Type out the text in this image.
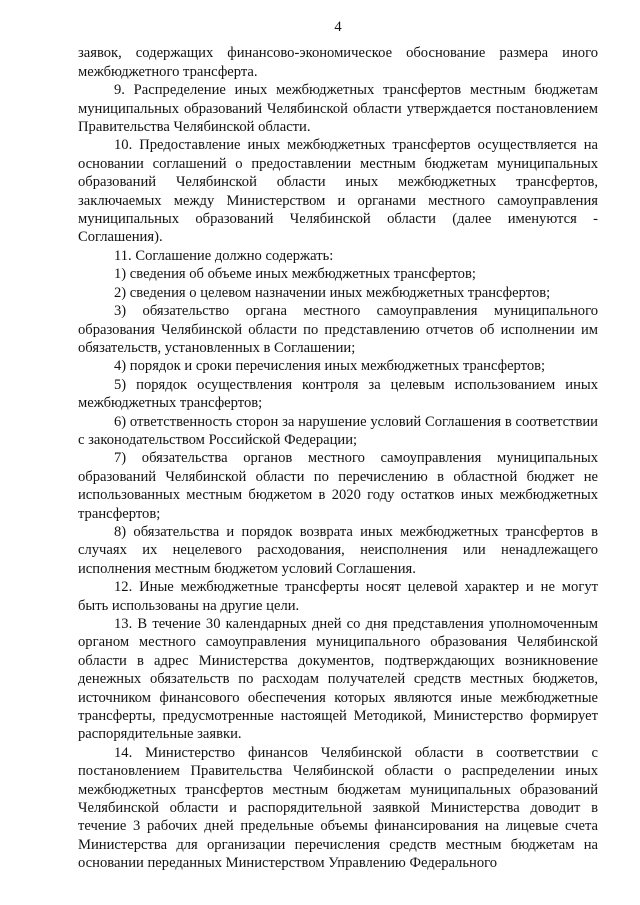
4

заявок, содержащих финансово-экономическое обоснование размера иного межбюджетного трансферта.

9. Распределение иных межбюджетных трансфертов местным бюджетам муниципальных образований Челябинской области утверждается постановлением Правительства Челябинской области.

10. Предоставление иных межбюджетных трансфертов осуществляется на основании соглашений о предоставлении местным бюджетам муниципальных образований Челябинской области иных межбюджетных трансфертов, заключаемых между Министерством и органами местного самоуправления муниципальных образований Челябинской области (далее именуются - Соглашения).

11. Соглашение должно содержать:

1) сведения об объеме иных межбюджетных трансфертов;

2) сведения о целевом назначении иных межбюджетных трансфертов;

3) обязательство органа местного самоуправления муниципального образования Челябинской области по представлению отчетов об исполнении им обязательств, установленных в Соглашении;

4) порядок и сроки перечисления иных межбюджетных трансфертов;

5) порядок осуществления контроля за целевым использованием иных межбюджетных трансфертов;

6) ответственность сторон за нарушение условий Соглашения в соответствии с законодательством Российской Федерации;

7) обязательства органов местного самоуправления муниципальных образований Челябинской области по перечислению в областной бюджет не использованных местным бюджетом в 2020 году остатков иных межбюджетных трансфертов;

8) обязательства и порядок возврата иных межбюджетных трансфертов в случаях их нецелевого расходования, неисполнения или ненадлежащего исполнения местным бюджетом условий Соглашения.

12. Иные межбюджетные трансферты носят целевой характер и не могут быть использованы на другие цели.

13. В течение 30 календарных дней со дня представления уполномоченным органом местного самоуправления муниципального образования Челябинской области в адрес Министерства документов, подтверждающих возникновение денежных обязательств по расходам получателей средств местных бюджетов, источником финансового обеспечения которых являются иные межбюджетные трансферты, предусмотренные настоящей Методикой, Министерство формирует распорядительные заявки.

14. Министерство финансов Челябинской области в соответствии с постановлением Правительства Челябинской области о распределении иных межбюджетных трансфертов местным бюджетам муниципальных образований Челябинской области и распорядительной заявкой Министерства доводит в течение 3 рабочих дней предельные объемы финансирования на лицевые счета Министерства для организации перечисления средств местным бюджетам на основании переданных Министерством Управлению Федерального
